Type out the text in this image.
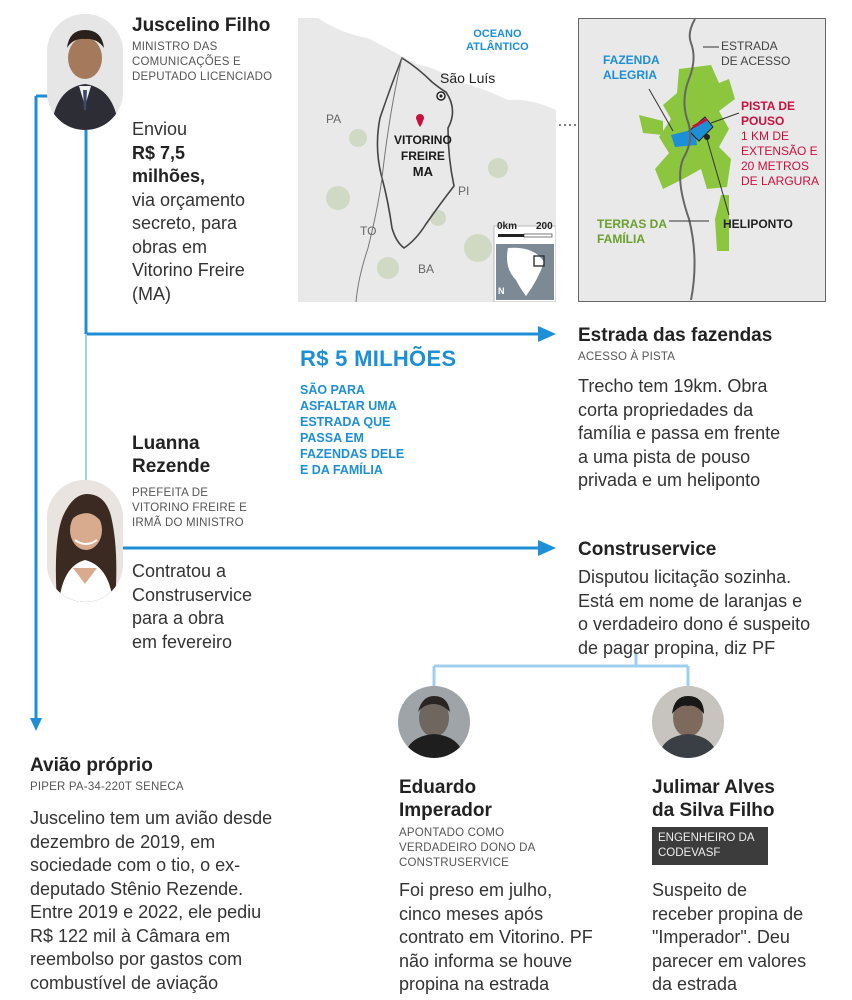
Juscelino Filho
MINISTRO DAS
COMUNICAÇÕES E
DEPUTADO LICENCIADO
Enviou
R$ 7,5
milhões,
via orçamento
secreto, para
obras em
Vitorino Freire
(MA)
OCEANO
ATLÂNTICO
São Luís
VITORINO
FREIRE
MA
PA
PI
TO
BA
0km 200
N
ESTRADA
DE ACESSO
FAZENDA
ALEGRIA
PISTA DE
POUSO
1 KM DE
EXTENSÃO E
20 METROS
DE LARGURA
TERRAS DA
FAMÍLIA
HELIPONTO
R$ 5 MILHÕES
SÃO PARA
ASFALTAR UMA
ESTRADA QUE
PASSA EM
FAZENDAS DELE
E DA FAMÍLIA
Estrada das fazendas
ACESSO À PISTA
Trecho tem 19km. Obra
corta propriedades da
família e passa em frente
a uma pista de pouso
privada e um heliponto
Luanna
Rezende
PREFEITA DE
VITORINO FREIRE E
IRMÃ DO MINISTRO
Contratou a
Construservice
para a obra
em fevereiro
Construservice
Disputou licitação sozinha.
Está em nome de laranjas e
o verdadeiro dono é suspeito
de pagar propina, diz PF
Eduardo
Imperador
APONTADO COMO
VERDADEIRO DONO DA
CONSTRUSERVICE
Foi preso em julho,
cinco meses após
contrato em Vitorino. PF
não informa se houve
propina na estrada
Julimar Alves
da Silva Filho
ENGENHEIRO DA
CODEVASF
Suspeito de
receber propina de
"Imperador". Deu
parecer em valores
da estrada
Avião próprio
PIPER PA-34-220T SENECA
Juscelino tem um avião desde
dezembro de 2019, em
sociedade com o tio, o ex-
deputado Stênio Rezende.
Entre 2019 e 2022, ele pediu
R$ 122 mil à Câmara em
reembolso por gastos com
combustível de aviação
